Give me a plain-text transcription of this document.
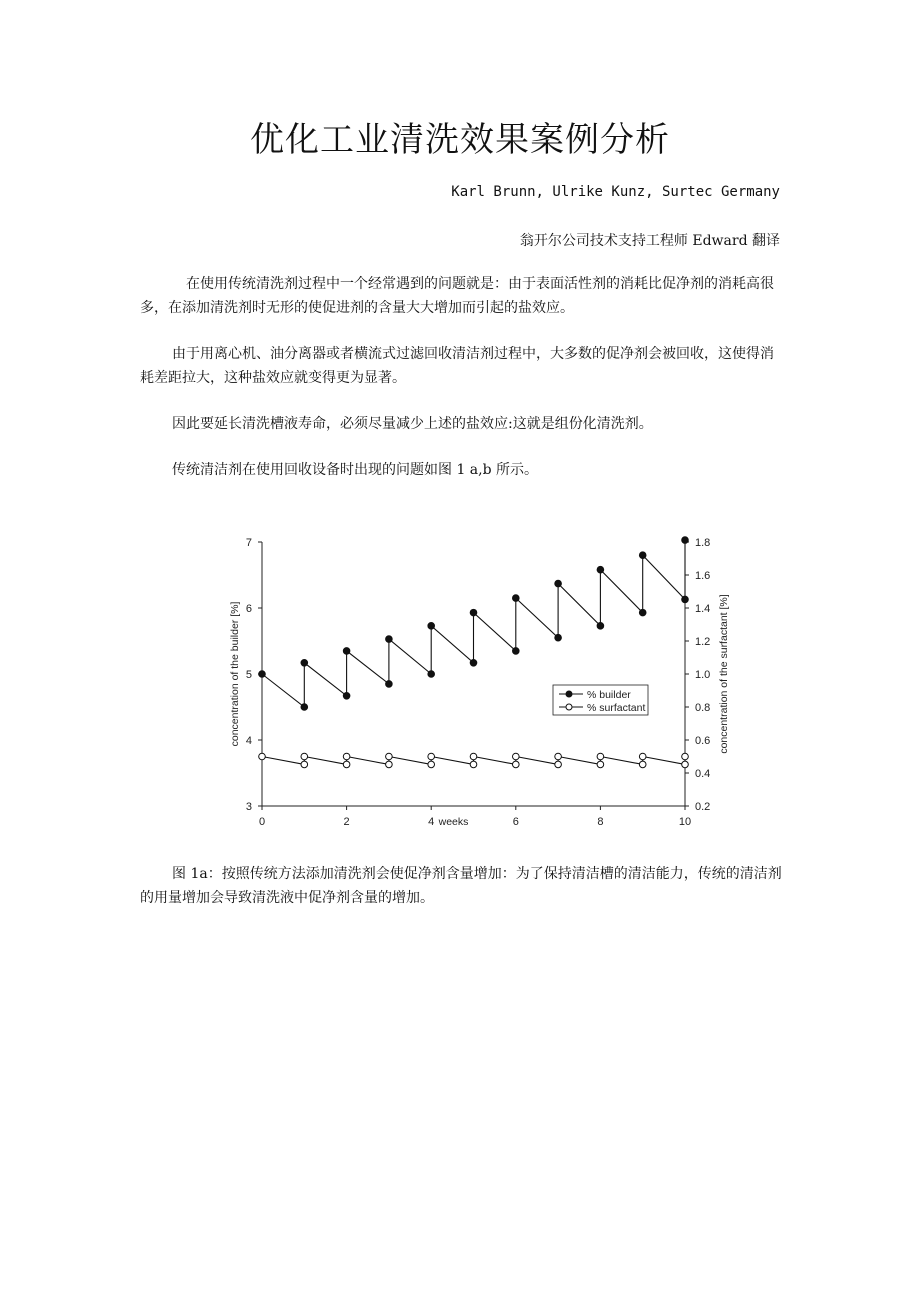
优化工业清洗效果案例分析
Karl Brunn, Ulrike Kunz, Surtec Germany
翁开尔公司技术支持工程师 Edward 翻译

在使用传统清洗剂过程中一个经常遇到的问题就是：由于表面活性剂的消耗比促净剂的消耗高很多，在添加清洗剂时无形的使促进剂的含量大大增加而引起的盐效应。

由于用离心机、油分离器或者横流式过滤回收清洁剂过程中，大多数的促净剂会被回收，这使得消耗差距拉大，这种盐效应就变得更为显著。

因此要延长清洗槽液寿命，必须尽量减少上述的盐效应:这就是组份化清洗剂。

传统清洁剂在使用回收设备时出现的问题如图 1 a,b 所示。

3
4
5
6
7
0.2
0.4
0.6
0.8
1.0
1.2
1.4
1.6
1.8
0	2	4	6	8	10
weeks
concentration of the builder [%]	concentration of the surfactant [%]
% builder
% surfactant

图 1a：按照传统方法添加清洗剂会使促净剂含量增加：为了保持清洁槽的清洁能力，传统的清洁剂的用量增加会导致清洗液中促净剂含量的增加。
